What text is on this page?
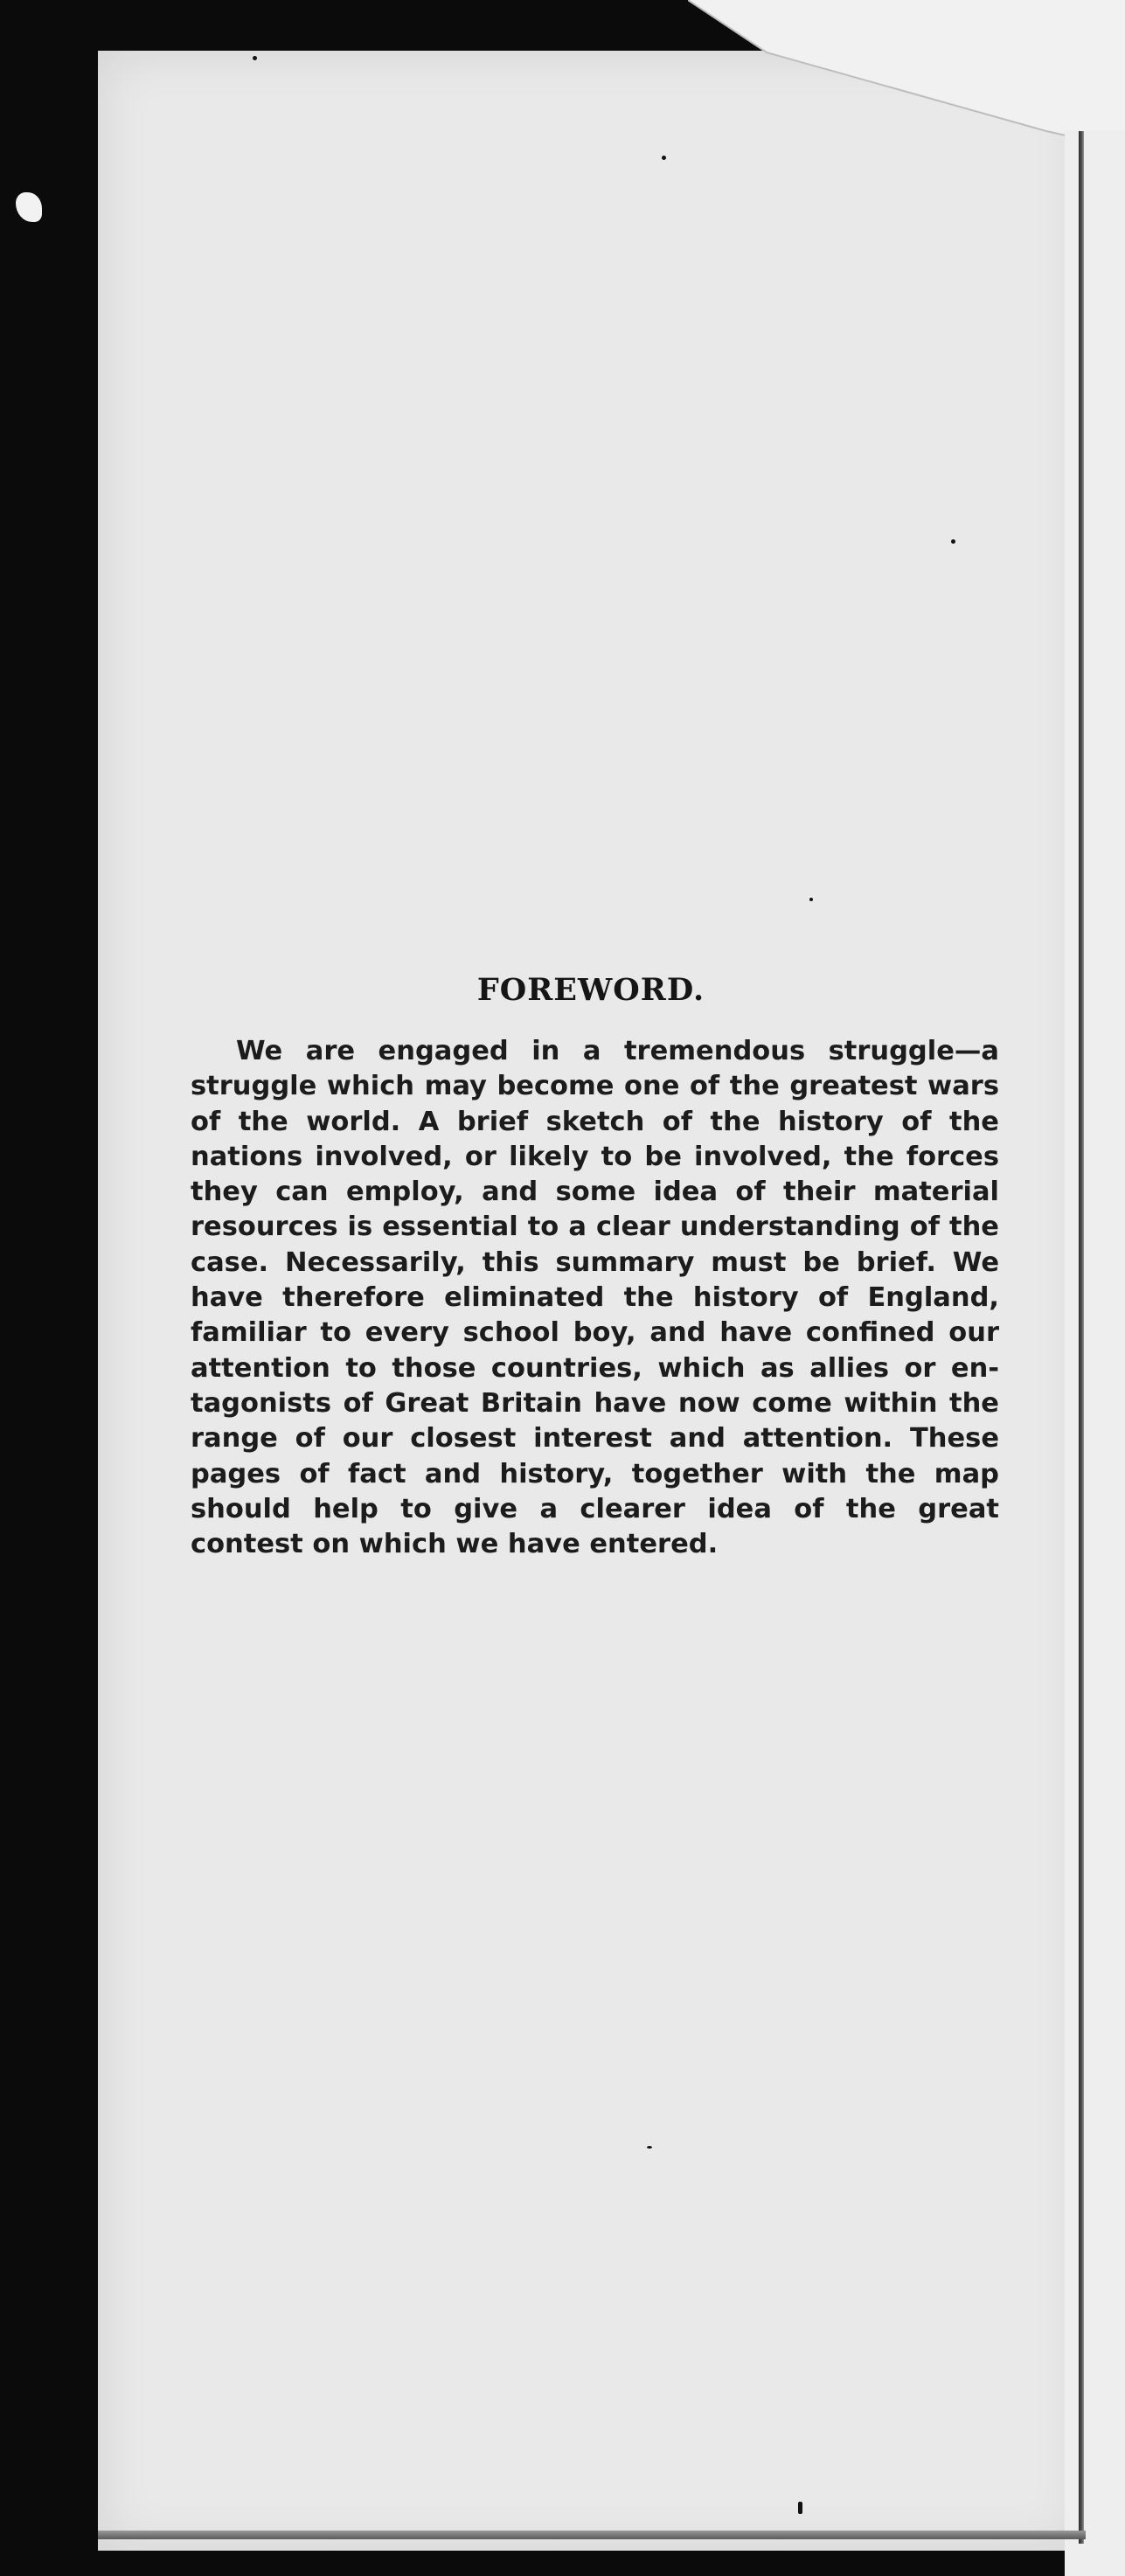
FOREWORD.

We are engaged in a tremendous struggle—a struggle which may become one of the greatest wars of the world. A brief sketch of the history of the nations involved, or likely to be involved, the forces they can employ, and some idea of their material resources is essential to a clear understanding of the case. Necessarily, this summary must be brief. We have therefore eliminated the history of England, familiar to every school boy, and have confined our attention to those countries, which as allies or en-tagonists of Great Britain have now come within the range of our closest interest and attention. These pages of fact and history, together with the map should help to give a clearer idea of the great contest on which we have entered.
